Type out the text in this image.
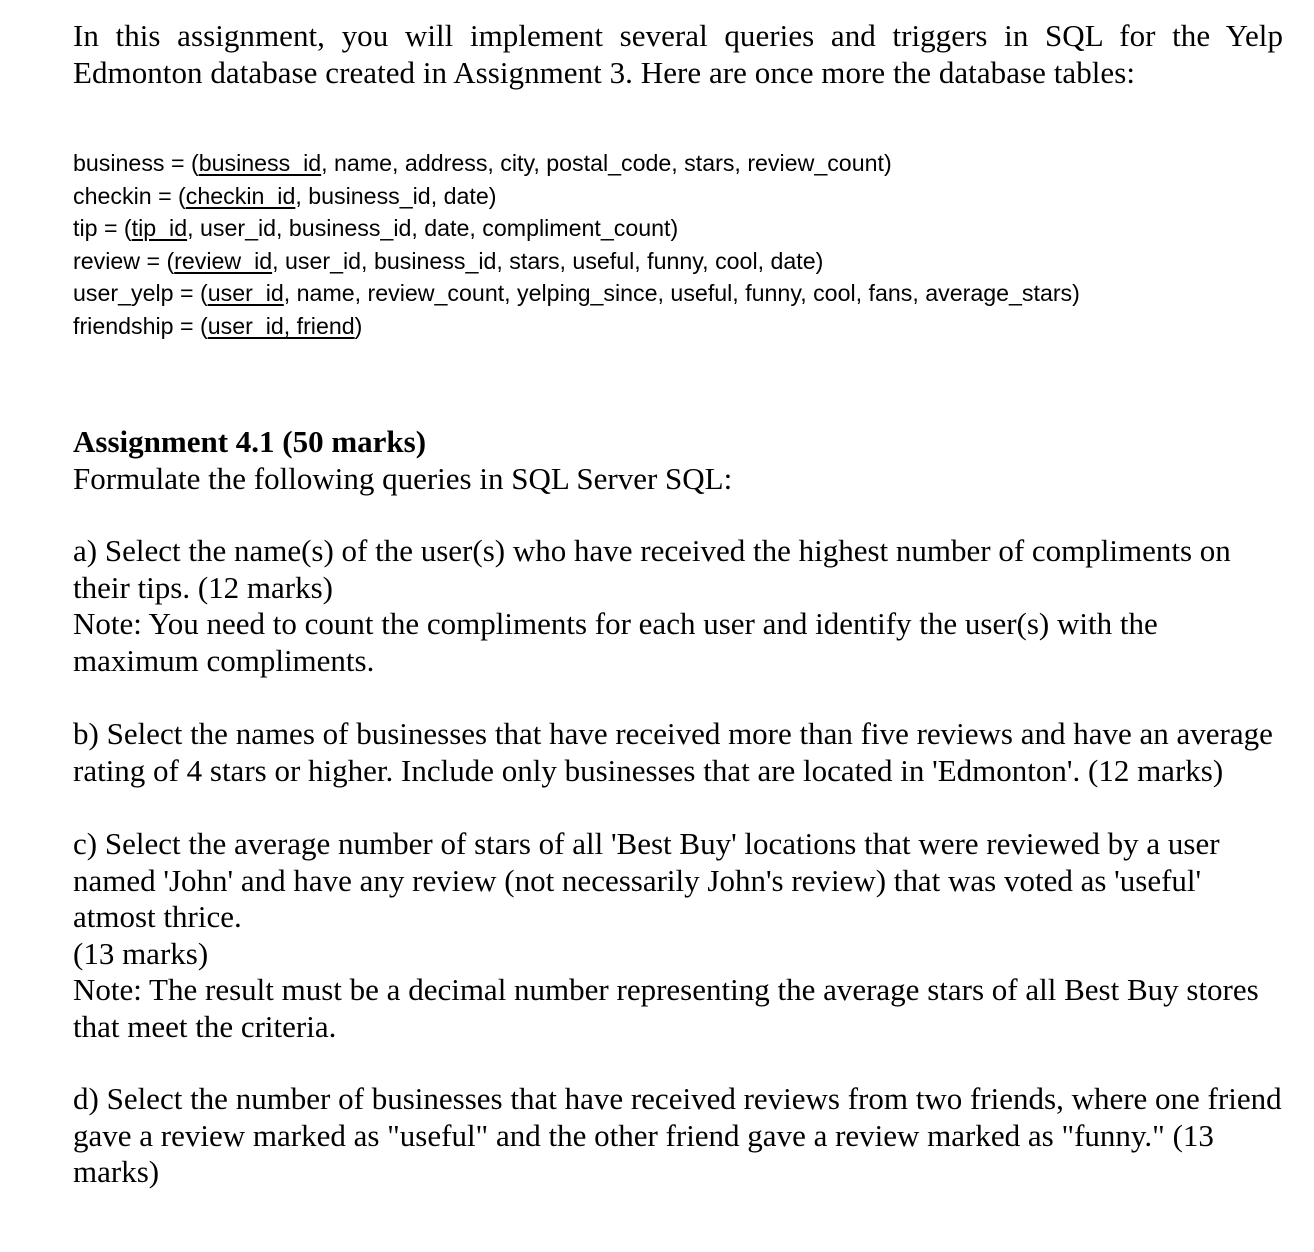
In this assignment, you will implement several queries and triggers in SQL for the Yelp Edmonton database created in Assignment 3. Here are once more the database tables:

business = (business_id, name, address, city, postal_code, stars, review_count)
checkin = (checkin_id, business_id, date)
tip = (tip_id, user_id, business_id, date, compliment_count)
review = (review_id, user_id, business_id, stars, useful, funny, cool, date)
user_yelp = (user_id, name, review_count, yelping_since, useful, funny, cool, fans, average_stars)
friendship = (user_id, friend)

Assignment 4.1 (50 marks)

Formulate the following queries in SQL Server SQL:

a) Select the name(s) of the user(s) who have received the highest number of compliments on their tips. (12 marks)

Note: You need to count the compliments for each user and identify the user(s) with the maximum compliments.

b) Select the names of businesses that have received more than five reviews and have an average rating of 4 stars or higher. Include only businesses that are located in 'Edmonton'. (12 marks)

c) Select the average number of stars of all 'Best Buy' locations that were reviewed by a user named 'John' and have any review (not necessarily John's review) that was voted as 'useful' atmost thrice.

(13 marks)

Note: The result must be a decimal number representing the average stars of all Best Buy stores that meet the criteria.

d) Select the number of businesses that have received reviews from two friends, where one friend gave a review marked as "useful" and the other friend gave a review marked as "funny." (13 marks)
